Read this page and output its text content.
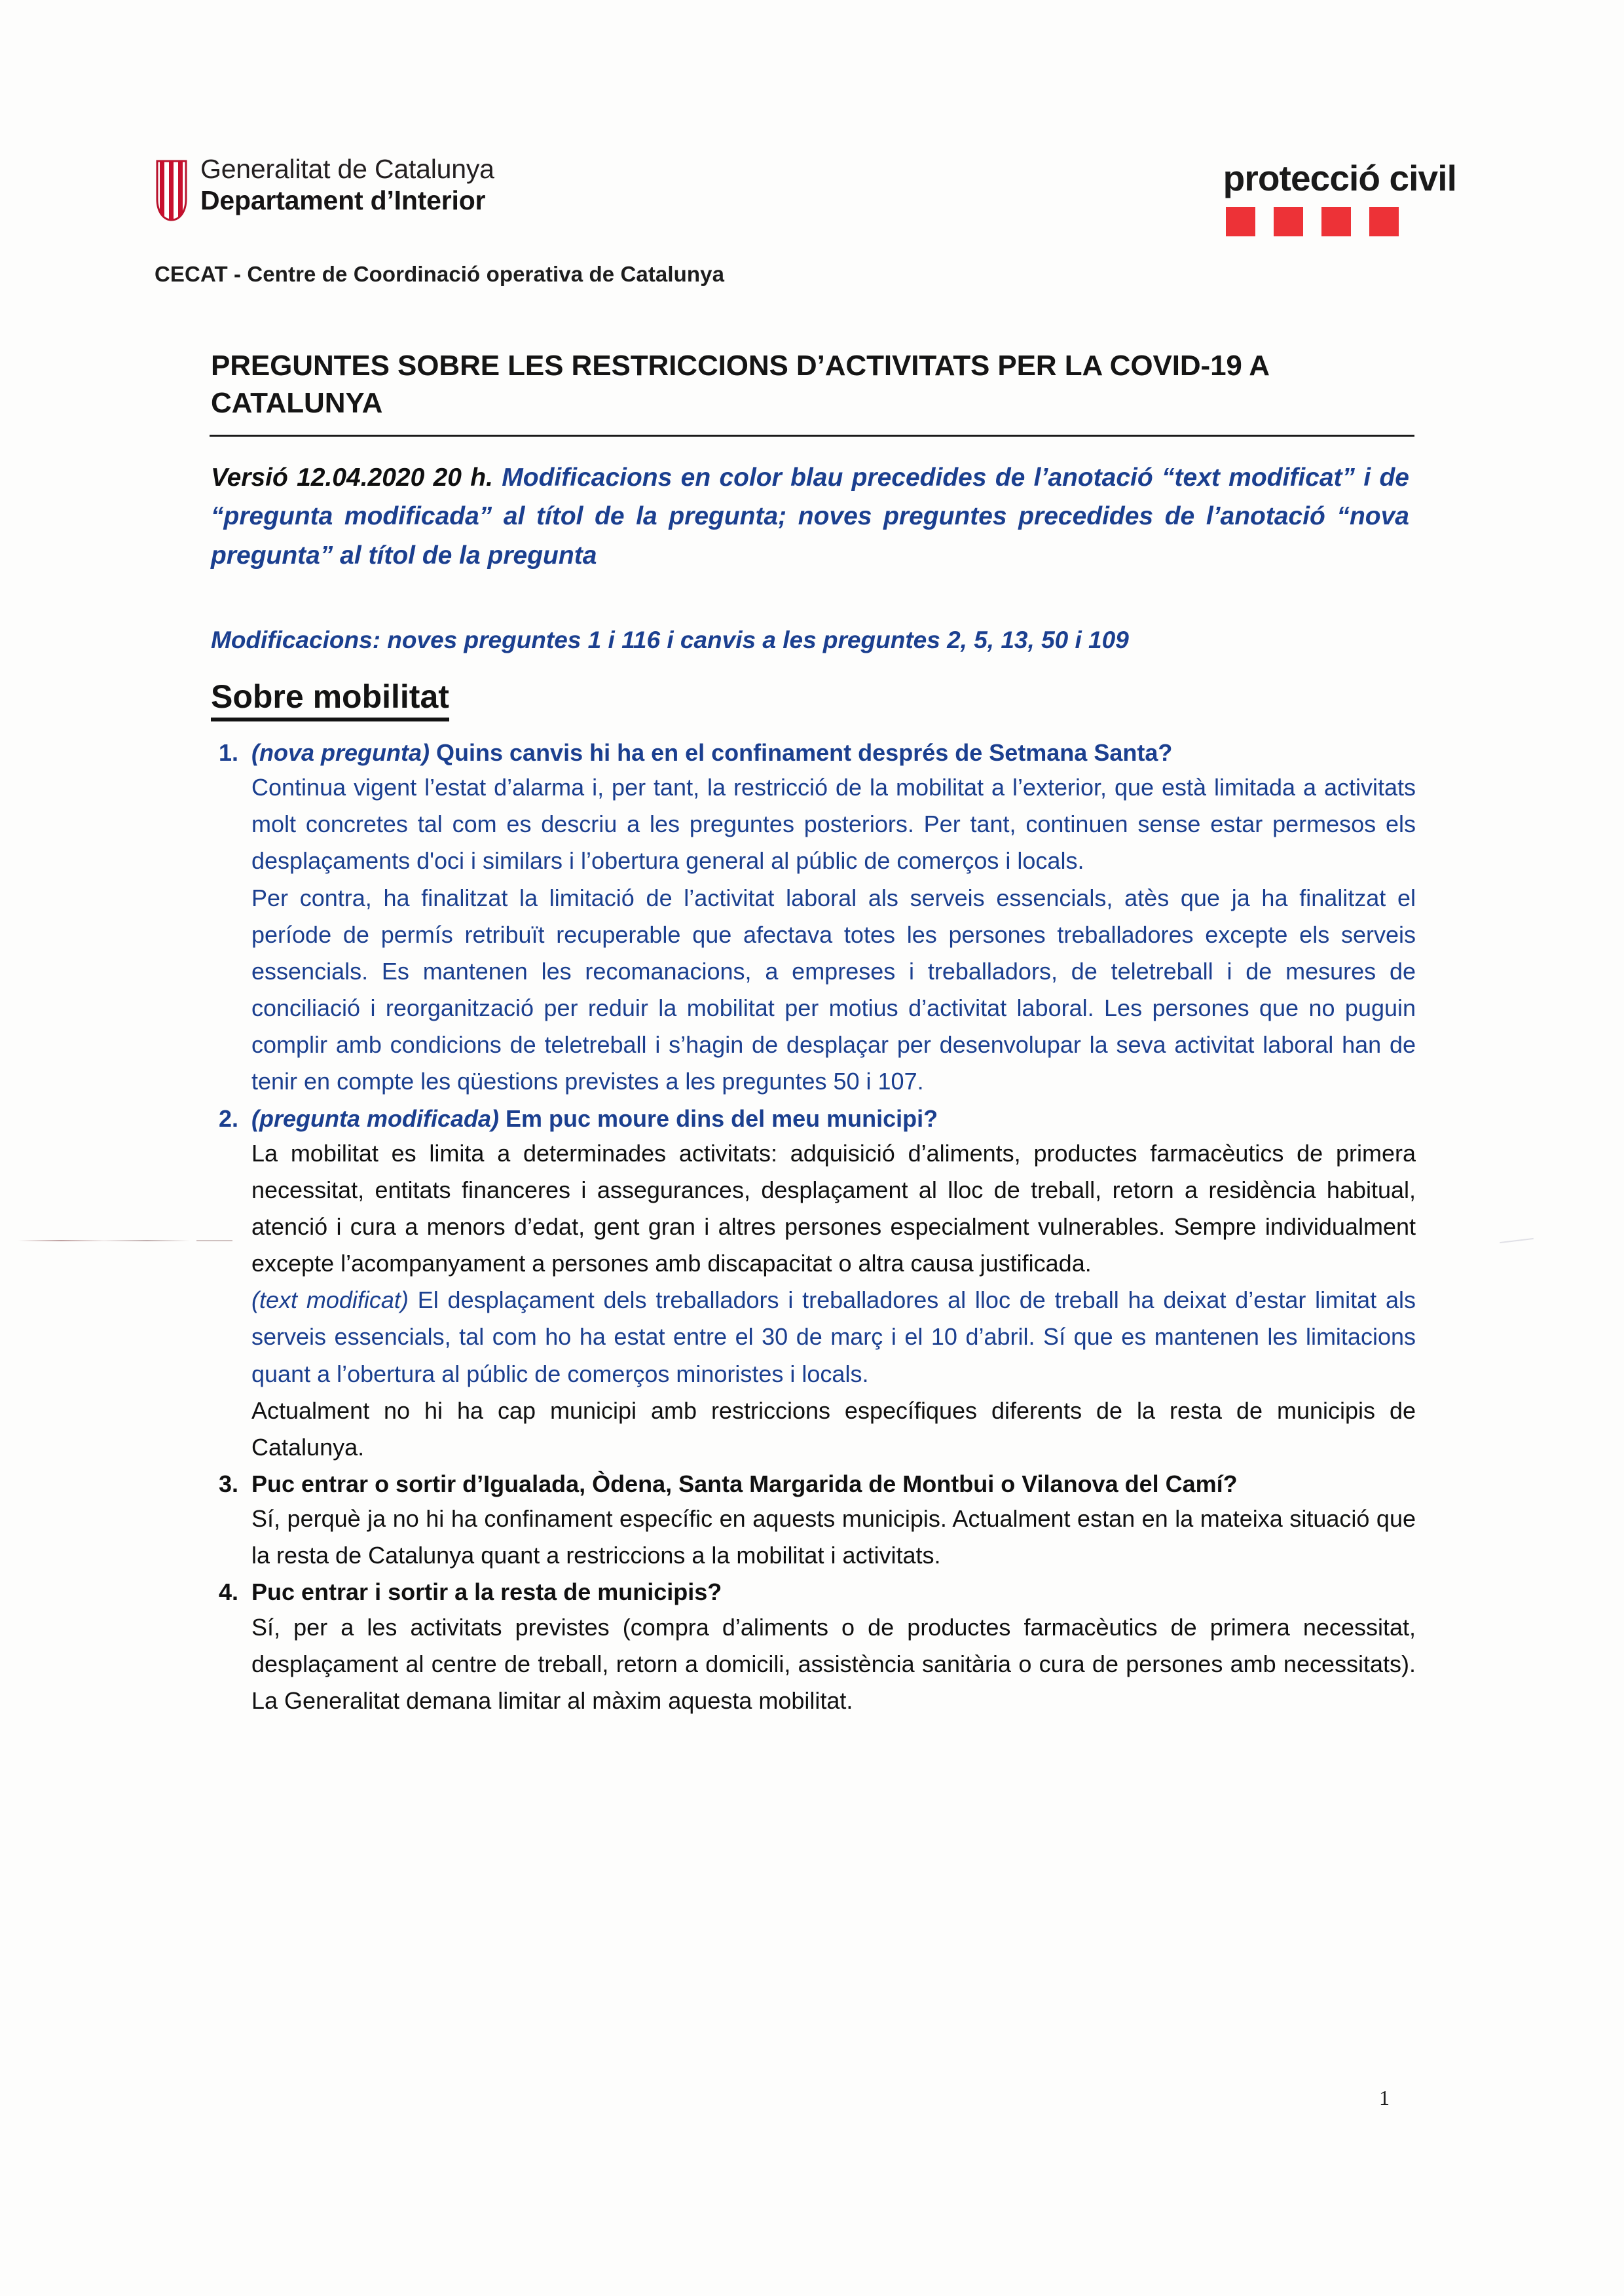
Generalitat de Catalunya
Departament d’Interior
protecció civil
CECAT - Centre de Coordinació operativa de Catalunya
PREGUNTES SOBRE LES RESTRICCIONS D’ACTIVITATS PER LA COVID-19 A CATALUNYA
Versió 12.04.2020 20 h. Modificacions en color blau precedides de l’anotació “text modificat” i de “pregunta modificada” al títol de la pregunta; noves preguntes precedides de l’anotació “nova pregunta” al títol de la pregunta
Modificacions: noves preguntes 1 i 116 i canvis a les preguntes 2, 5, 13, 50 i 109
Sobre mobilitat
1. (nova pregunta) Quins canvis hi ha en el confinament després de Setmana Santa?
Continua vigent l’estat d’alarma i, per tant, la restricció de la mobilitat a l’exterior, que està limitada a activitats molt concretes tal com es descriu a les preguntes posteriors. Per tant, continuen sense estar permesos els desplaçaments d'oci i similars i l’obertura general al públic de comerços i locals.
Per contra, ha finalitzat la limitació de l’activitat laboral als serveis essencials, atès que ja ha finalitzat el període de permís retribuït recuperable que afectava totes les persones treballadores excepte els serveis essencials. Es mantenen les recomanacions, a empreses i treballadors, de teletreball i de mesures de conciliació i reorganització per reduir la mobilitat per motius d’activitat laboral. Les persones que no puguin complir amb condicions de teletreball i s’hagin de desplaçar per desenvolupar la seva activitat laboral han de tenir en compte les qüestions previstes a les preguntes 50 i 107.
2. (pregunta modificada) Em puc moure dins del meu municipi?
La mobilitat es limita a determinades activitats: adquisició d’aliments, productes farmacèutics de primera necessitat, entitats financeres i assegurances, desplaçament al lloc de treball, retorn a residència habitual, atenció i cura a menors d’edat, gent gran i altres persones especialment vulnerables. Sempre individualment excepte l’acompanyament a persones amb discapacitat o altra causa justificada.
(text modificat) El desplaçament dels treballadors i treballadores al lloc de treball ha deixat d’estar limitat als serveis essencials, tal com ho ha estat entre el 30 de març i el 10 d’abril. Sí que es mantenen les limitacions quant a l’obertura al públic de comerços minoristes i locals.
Actualment no hi ha cap municipi amb restriccions específiques diferents de la resta de municipis de Catalunya.
3. Puc entrar o sortir d’Igualada, Òdena, Santa Margarida de Montbui o Vilanova del Camí?
Sí, perquè ja no hi ha confinament específic en aquests municipis. Actualment estan en la mateixa situació que la resta de Catalunya quant a restriccions a la mobilitat i activitats.
4. Puc entrar i sortir a la resta de municipis?
Sí, per a les activitats previstes (compra d’aliments o de productes farmacèutics de primera necessitat, desplaçament al centre de treball, retorn a domicili, assistència sanitària o cura de persones amb necessitats). La Generalitat demana limitar al màxim aquesta mobilitat.
1
